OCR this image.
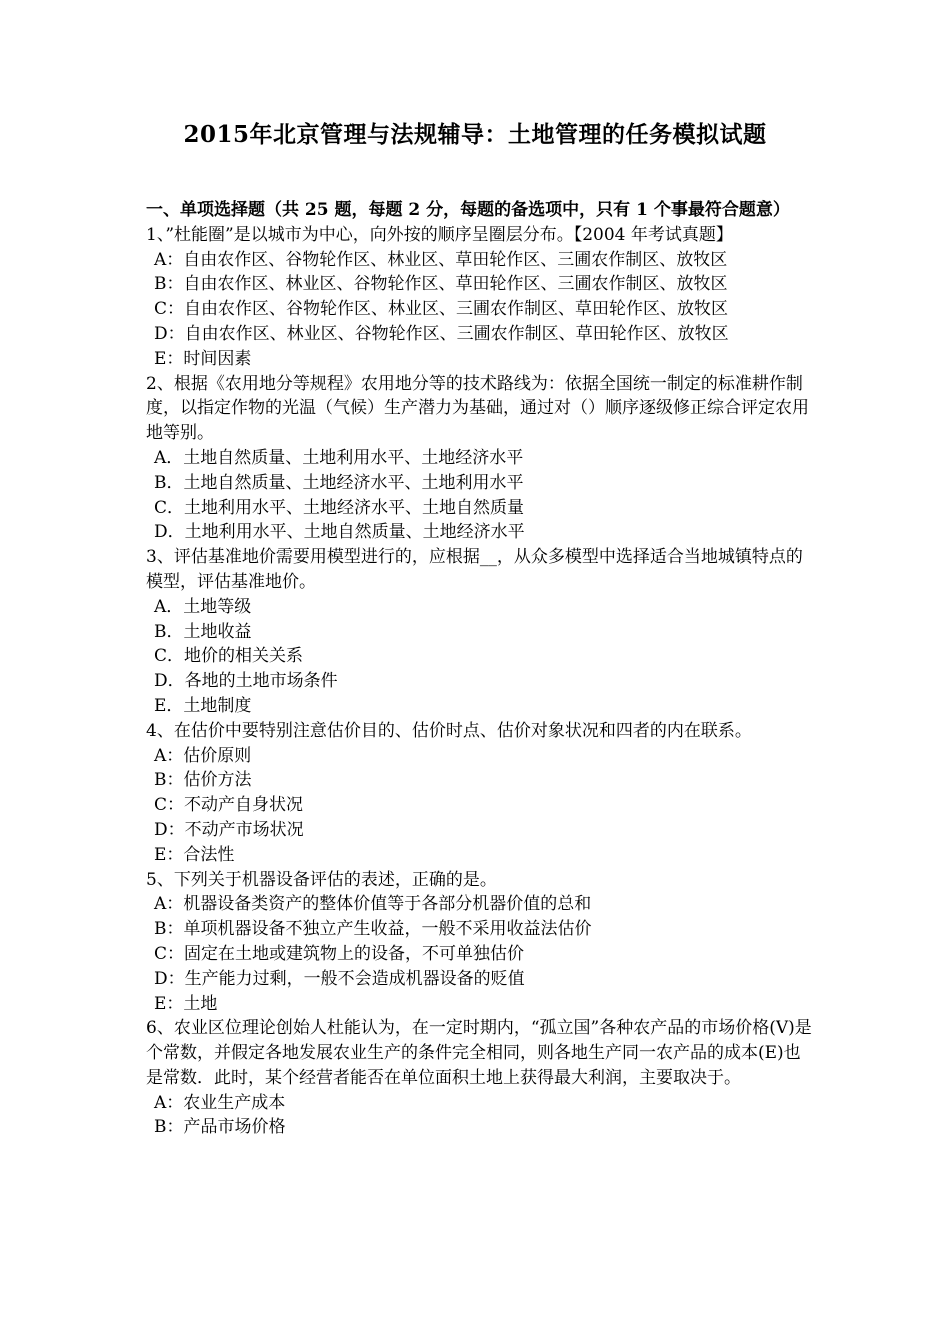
2015年北京管理与法规辅导：土地管理的任务模拟试题

一、单项选择题（共 25 题，每题 2 分，每题的备选项中，只有 1 个事最符合题意）

1、”杜能圈”是以城市为中心，向外按的顺序呈圈层分布。【2004 年考试真题】

A：自由农作区、谷物轮作区、林业区、草田轮作区、三圃农作制区、放牧区

B：自由农作区、林业区、谷物轮作区、草田轮作区、三圃农作制区、放牧区

C：自由农作区、谷物轮作区、林业区、三圃农作制区、草田轮作区、放牧区

D：自由农作区、林业区、谷物轮作区、三圃农作制区、草田轮作区、放牧区

E：时间因素

2、根据《农用地分等规程》农用地分等的技术路线为：依据全国统一制定的标准耕作制度，以指定作物的光温（气候）生产潜力为基础，通过对（）顺序逐级修正综合评定农用地等别。

A．土地自然质量、土地利用水平、土地经济水平

B．土地自然质量、土地经济水平、土地利用水平

C．土地利用水平、土地经济水平、土地自然质量

D．土地利用水平、土地自然质量、土地经济水平

3、评估基准地价需要用模型进行的，应根据__，从众多模型中选择适合当地城镇特点的模型，评估基准地价。

A．土地等级

B．土地收益

C．地价的相关关系

D．各地的土地市场条件

E．土地制度

4、在估价中要特别注意估价目的、估价时点、估价对象状况和四者的内在联系。

A：估价原则

B：估价方法

C：不动产自身状况

D：不动产市场状况

E：合法性

5、下列关于机器设备评估的表述，正确的是。

A：机器设备类资产的整体价值等于各部分机器价值的总和

B：单项机器设备不独立产生收益，一般不采用收益法估价

C：固定在土地或建筑物上的设备，不可单独估价

D：生产能力过剩，一般不会造成机器设备的贬值

E：土地

6、农业区位理论创始人杜能认为，在一定时期内，“孤立国”各种农产品的市场价格(V)是个常数，并假定各地发展农业生产的条件完全相同，则各地生产同一农产品的成本(E)也是常数．此时，某个经营者能否在单位面积土地上获得最大利润，主要取决于。

A：农业生产成本

B：产品市场价格
